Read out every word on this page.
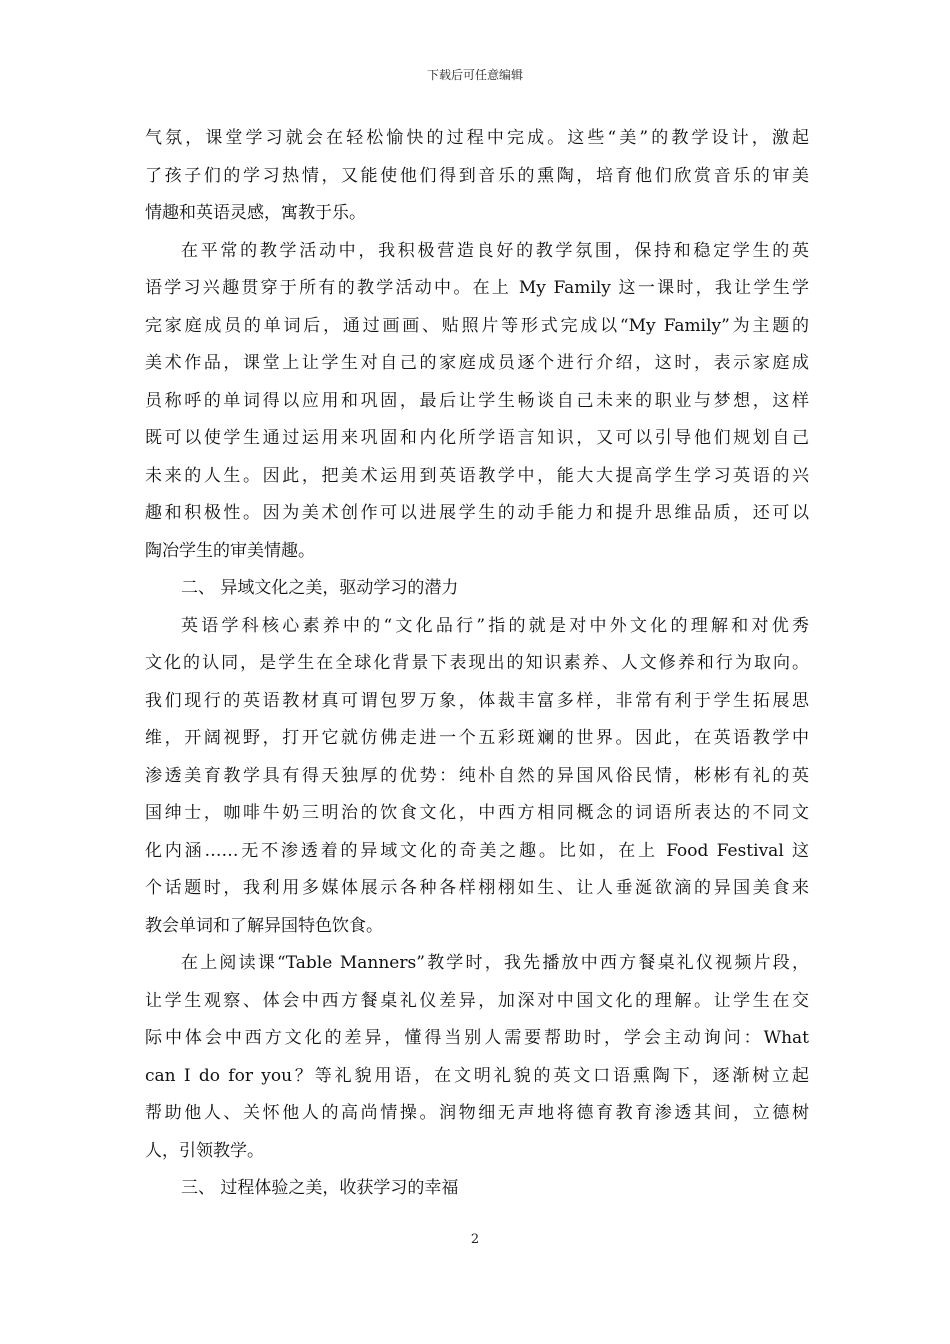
下载后可任意编辑
气氛，课堂学习就会在轻松愉快的过程中完成。这些“美”的教学设计，激起
了孩子们的学习热情，又能使他们得到音乐的熏陶，培育他们欣赏音乐的审美
情趣和英语灵感，寓教于乐。
在平常的教学活动中，我积极营造良好的教学氛围，保持和稳定学生的英
语学习兴趣贯穿于所有的教学活动中。在上 My Family 这一课时，我让学生学
完家庭成员的单词后，通过画画、贴照片等形式完成以“My Family”为主题的
美术作品，课堂上让学生对自己的家庭成员逐个进行介绍，这时，表示家庭成
员称呼的单词得以应用和巩固，最后让学生畅谈自己未来的职业与梦想，这样
既可以使学生通过运用来巩固和内化所学语言知识，又可以引导他们规划自己
未来的人生。因此，把美术运用到英语教学中，能大大提高学生学习英语的兴
趣和积极性。因为美术创作可以进展学生的动手能力和提升思维品质，还可以
陶冶学生的审美情趣。
二、 异域文化之美，驱动学习的潜力
英语学科核心素养中的“文化品行”指的就是对中外文化的理解和对优秀
文化的认同，是学生在全球化背景下表现出的知识素养、人文修养和行为取向。
我们现行的英语教材真可谓包罗万象，体裁丰富多样，非常有利于学生拓展思
维，开阔视野，打开它就仿佛走进一个五彩斑斓的世界。因此，在英语教学中
渗透美育教学具有得天独厚的优势：纯朴自然的异国风俗民情，彬彬有礼的英
国绅士，咖啡牛奶三明治的饮食文化，中西方相同概念的词语所表达的不同文
化内涵……无不渗透着的异域文化的奇美之趣。比如，在上 Food Festival 这
个话题时，我利用多媒体展示各种各样栩栩如生、让人垂涎欲滴的异国美食来
教会单词和了解异国特色饮食。
在上阅读课“Table Manners”教学时，我先播放中西方餐桌礼仪视频片段，
让学生观察、体会中西方餐桌礼仪差异，加深对中国文化的理解。让学生在交
际中体会中西方文化的差异，懂得当别人需要帮助时，学会主动询问：What
can I do for you？等礼貌用语，在文明礼貌的英文口语熏陶下，逐渐树立起
帮助他人、关怀他人的高尚情操。润物细无声地将德育教育渗透其间，立德树
人，引领教学。
三、 过程体验之美，收获学习的幸福
2
